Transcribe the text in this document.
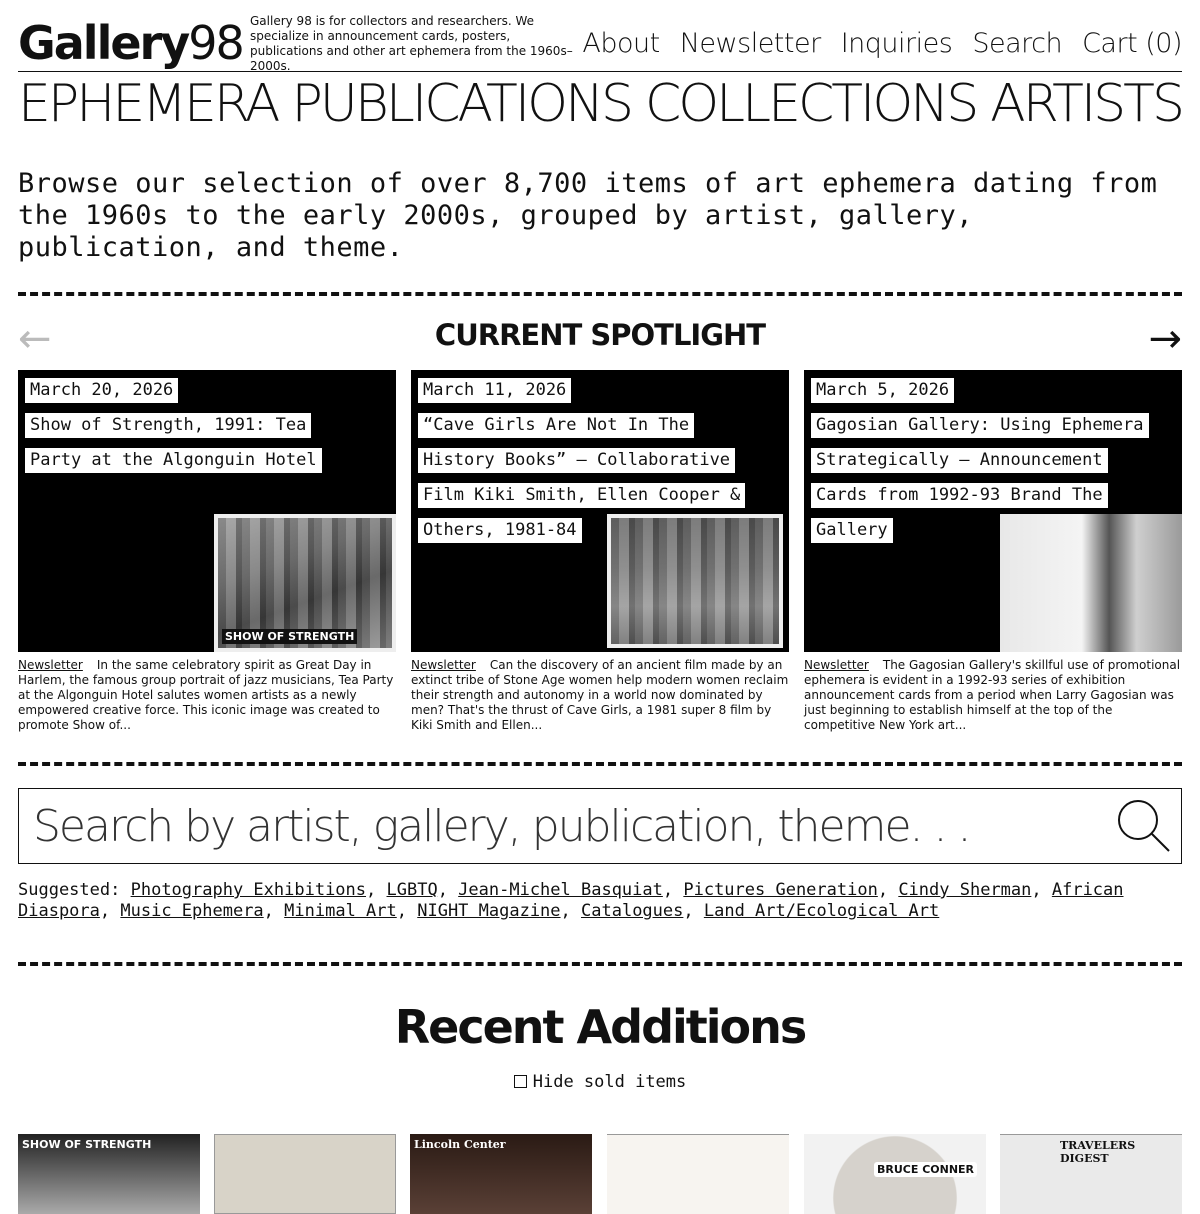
Gallery98 Gallery 98 is for collectors and researchers. We specialize in announcement cards, posters, publications and other art ephemera from the 1960s–2000s.
About Newsletter Inquiries Search Cart (0)
EPHEMERA PUBLICATIONS COLLECTIONS ARTISTS
Browse our selection of over 8,700 items of art ephemera dating from the 1960s to the early 2000s, grouped by artist, gallery, publication, and theme.
CURRENT SPOTLIGHT
←	→
March 20, 2026
Show of Strength, 1991: Tea
Party at the Algonguin Hotel
SHOW OF STRENGTH
Newsletter In the same celebratory spirit as Great Day in Harlem, the famous group portrait of jazz musicians, Tea Party at the Algonguin Hotel salutes women artists as a newly empowered creative force. This iconic image was created to promote Show of...
March 11, 2026
“Cave Girls Are Not In The
History Books” – Collaborative
Film Kiki Smith, Ellen Cooper &
Others, 1981-84
Newsletter Can the discovery of an ancient film made by an extinct tribe of Stone Age women help modern women reclaim their strength and autonomy in a world now dominated by men? That's the thrust of Cave Girls, a 1981 super 8 film by Kiki Smith and Ellen...
March 5, 2026
Gagosian Gallery: Using Ephemera
Strategically – Announcement
Cards from 1992-93 Brand The
Gallery
Newsletter The Gagosian Gallery's skillful use of promotional ephemera is evident in a 1992-93 series of exhibition announcement cards from a period when Larry Gagosian was just beginning to establish himself at the top of the competitive New York art...
Search by artist, gallery, publication, theme. . .
Suggested: Photography Exhibitions, LGBTQ, Jean-Michel Basquiat, Pictures Generation, Cindy Sherman, African Diaspora, Music Ephemera, Minimal Art, NIGHT Magazine, Catalogues, Land Art/Ecological Art
Recent Additions
Hide sold items
SHOW OF STRENGTH	Lincoln Center
BRUCE CONNER
TRAVELERS DIGEST
